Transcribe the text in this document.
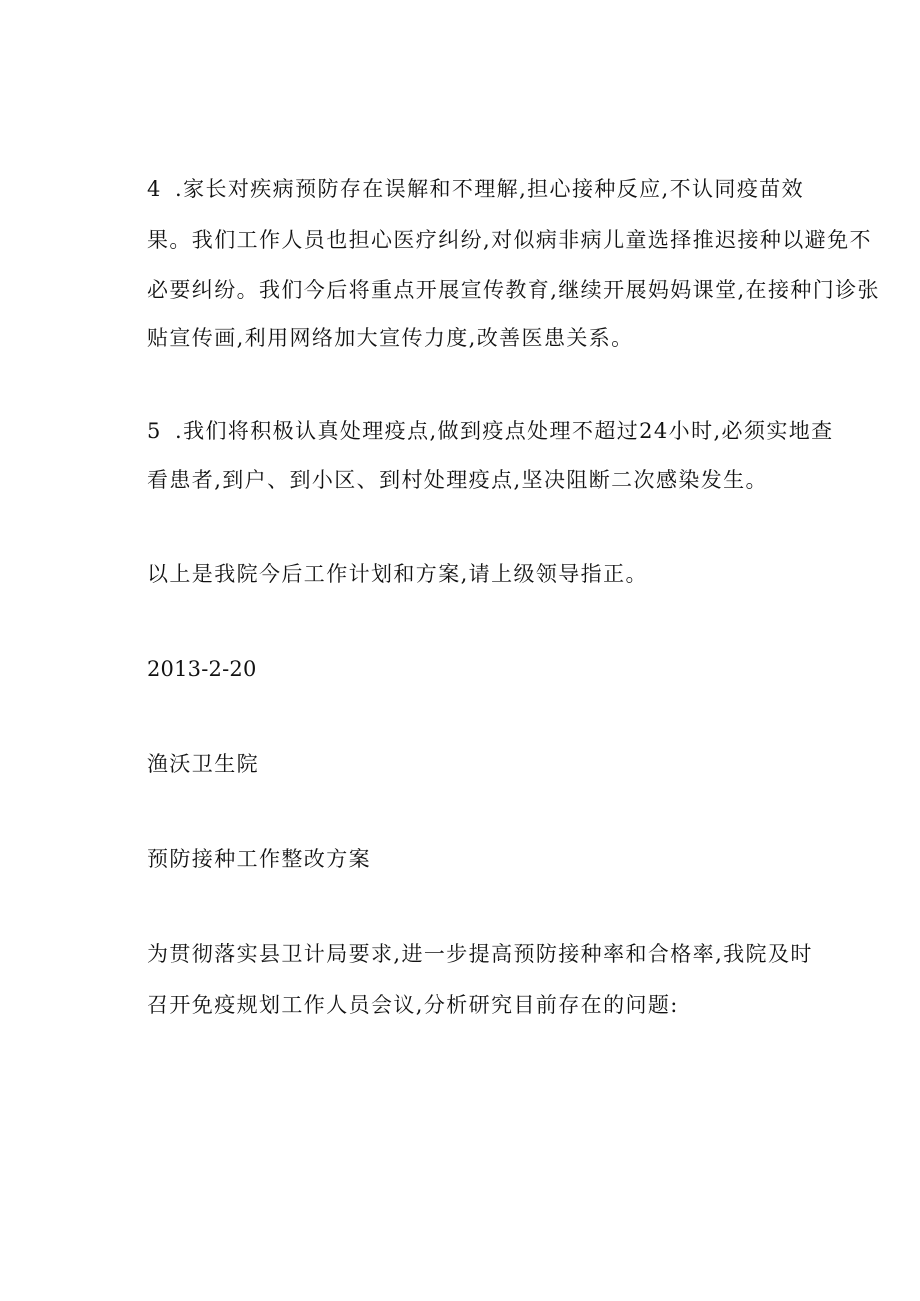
4 .家长对疾病预防存在误解和不理解,担心接种反应,不认同疫苗效
果。我们工作人员也担心医疗纠纷,对似病非病儿童选择推迟接种以避免不
必要纠纷。我们今后将重点开展宣传教育,继续开展妈妈课堂,在接种门诊张
贴宣传画,利用网络加大宣传力度,改善医患关系。
5 .我们将积极认真处理疫点,做到疫点处理不超过24小时,必须实地查
看患者,到户、到小区、到村处理疫点,坚决阻断二次感染发生。
以上是我院今后工作计划和方案,请上级领导指正。
2013-2-20
渔沃卫生院
预防接种工作整改方案
为贯彻落实县卫计局要求,进一步提高预防接种率和合格率,我院及时
召开免疫规划工作人员会议,分析研究目前存在的问题:
